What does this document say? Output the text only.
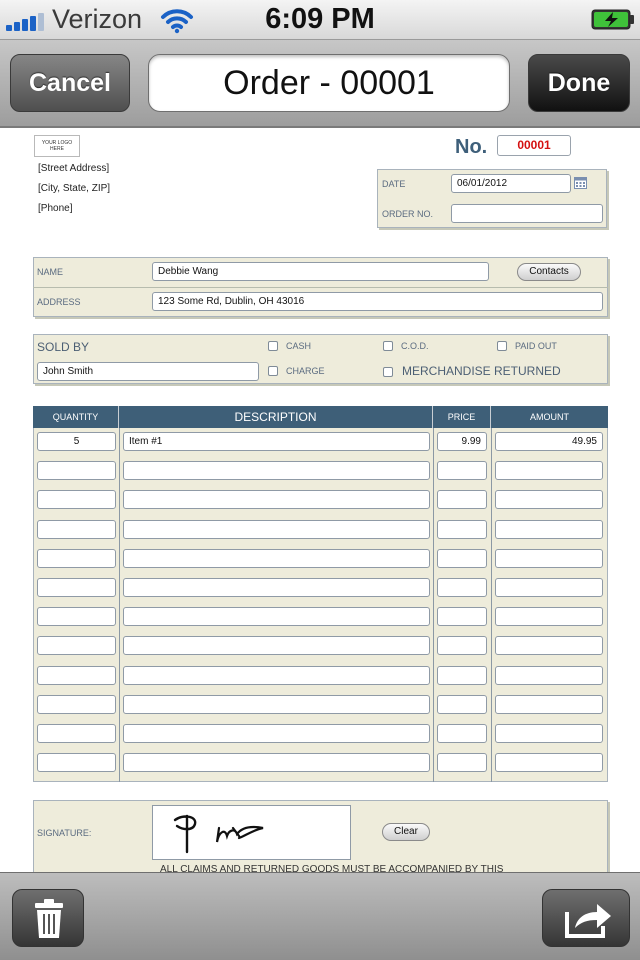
Verizon	6:09 PM
Cancel	Order - 00001	Done
YOUR LOGO HERE
[Street Address]
[City, State, ZIP]
[Phone]
No.	00001
DATE	06/01/2012
ORDER NO.
NAME	Debbie Wang	Contacts
ADDRESS	123 Some Rd, Dublin, OH 43016
SOLD BY
John Smith
CASH	C.O.D.	PAID OUT
CHARGE	MERCHANDISE RETURNED
QUANTITY	DESCRIPTION	PRICE	AMOUNT
5	Item #1	9.99	49.95
SIGNATURE:	Clear
ALL CLAIMS AND RETURNED GOODS MUST BE ACCOMPANIED BY THIS
